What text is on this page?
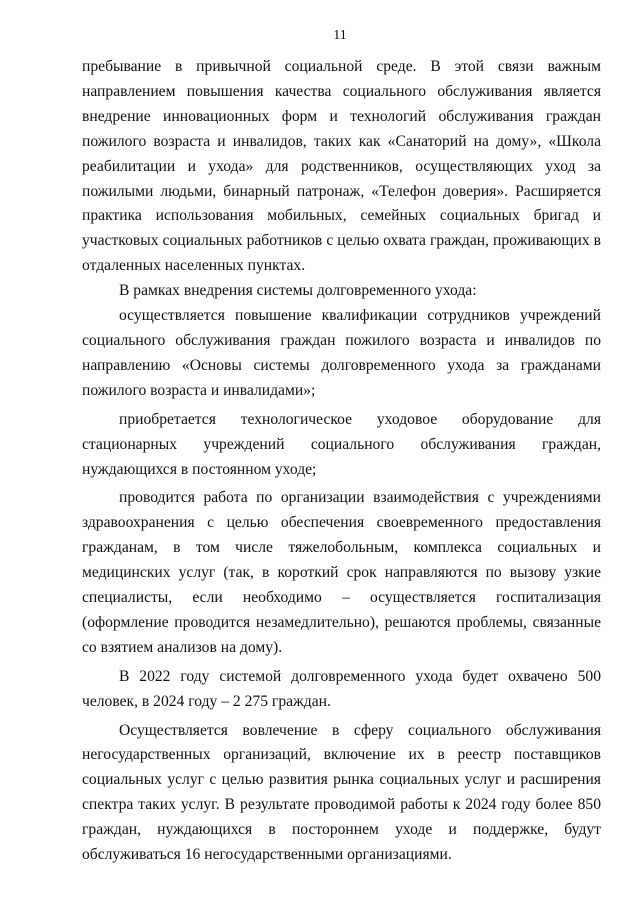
11

пребывание в привычной социальной среде. В этой связи важным направлением повышения качества социального обслуживания является внедрение инновационных форм и технологий обслуживания граждан пожилого возраста и инвалидов, таких как «Санаторий на дому», «Школа реабилитации и ухода» для родственников, осуществляющих уход за пожилыми людьми, бинарный патронаж, «Телефон доверия». Расширяется практика использования мобильных, семейных социальных бригад и участковых социальных работников с целью охвата граждан, проживающих в отдаленных населенных пунктах.

В рамках внедрения системы долговременного ухода:

осуществляется повышение квалификации сотрудников учреждений социального обслуживания граждан пожилого возраста и инвалидов по направлению «Основы системы долговременного ухода за гражданами пожилого возраста и инвалидами»;

приобретается технологическое уходовое оборудование для стационарных учреждений социального обслуживания граждан, нуждающихся в постоянном уходе;

проводится работа по организации взаимодействия с учреждениями здравоохранения с целью обеспечения своевременного предоставления гражданам, в том числе тяжелобольным, комплекса социальных и медицинских услуг (так, в короткий срок направляются по вызову узкие специалисты, если необходимо – осуществляется госпитализация (оформление проводится незамедлительно), решаются проблемы, связанные со взятием анализов на дому).

В 2022 году системой долговременного ухода будет охвачено 500 человек, в 2024 году – 2 275 граждан.

Осуществляется вовлечение в сферу социального обслуживания негосударственных организаций, включение их в реестр поставщиков социальных услуг с целью развития рынка социальных услуг и расширения спектра таких услуг. В результате проводимой работы к 2024 году более 850 граждан, нуждающихся в постороннем уходе и поддержке, будут обслуживаться 16 негосударственными организациями.
